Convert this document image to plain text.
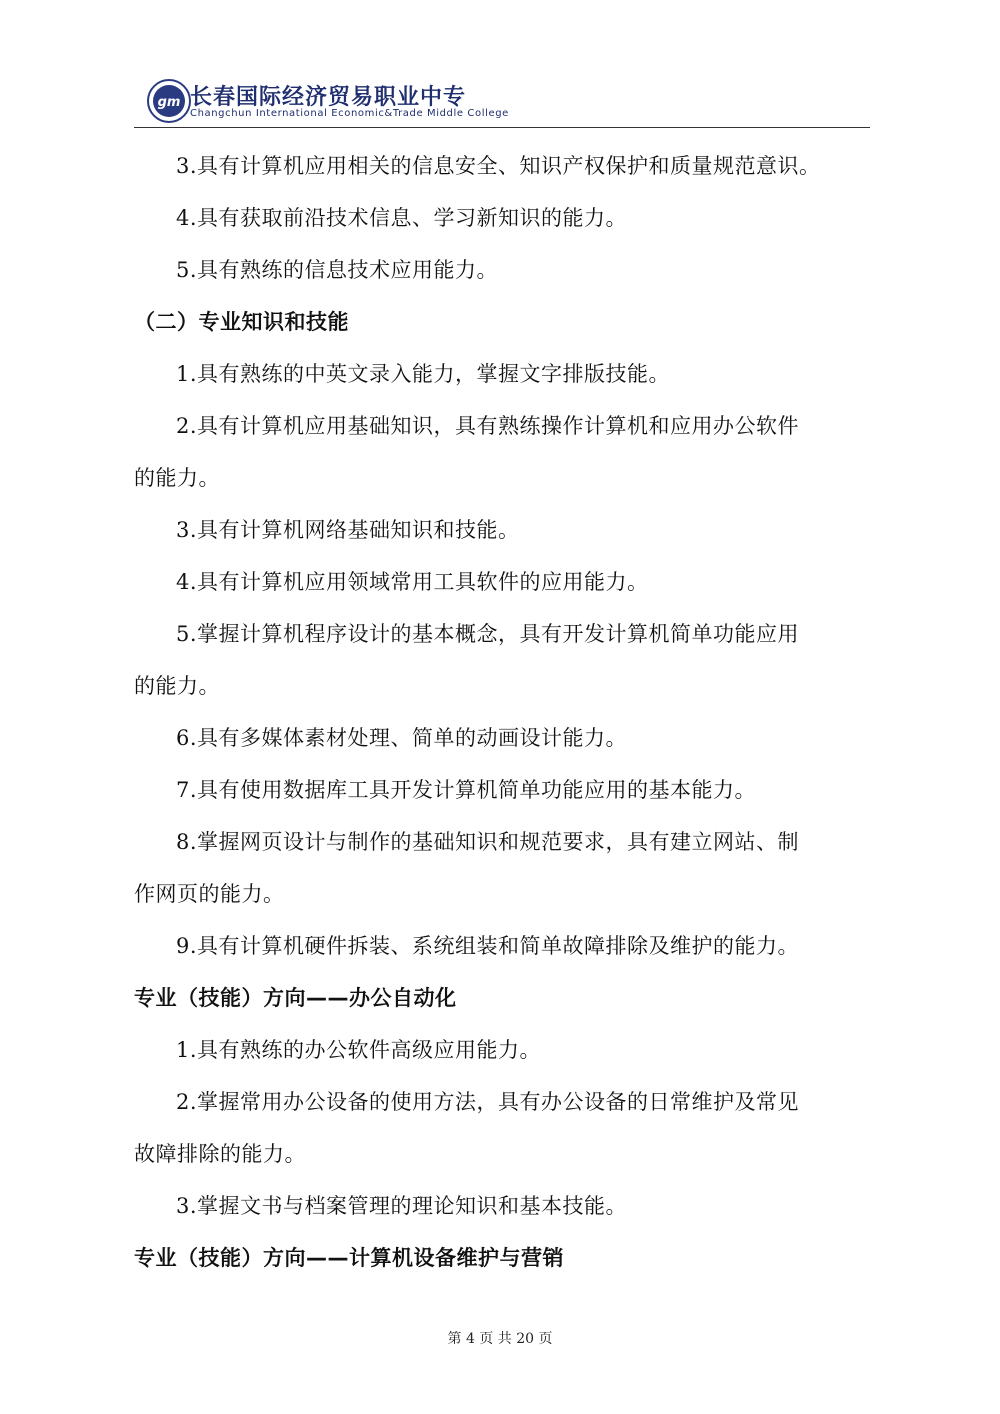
gm 长春国际经济贸易职业中专
Changchun International Economic&Trade Middle College
3.具有计算机应用相关的信息安全、知识产权保护和质量规范意识。
4.具有获取前沿技术信息、学习新知识的能力。
5.具有熟练的信息技术应用能力。
（二）专业知识和技能
1.具有熟练的中英文录入能力，掌握文字排版技能。
2.具有计算机应用基础知识，具有熟练操作计算机和应用办公软件
的能力。
3.具有计算机网络基础知识和技能。
4.具有计算机应用领域常用工具软件的应用能力。
5.掌握计算机程序设计的基本概念，具有开发计算机简单功能应用
的能力。
6.具有多媒体素材处理、简单的动画设计能力。
7.具有使用数据库工具开发计算机简单功能应用的基本能力。
8.掌握网页设计与制作的基础知识和规范要求，具有建立网站、制
作网页的能力。
9.具有计算机硬件拆装、系统组装和简单故障排除及维护的能力。
专业（技能）方向——办公自动化
1.具有熟练的办公软件高级应用能力。
2.掌握常用办公设备的使用方法，具有办公设备的日常维护及常见
故障排除的能力。
3.掌握文书与档案管理的理论知识和基本技能。
专业（技能）方向——计算机设备维护与营销
第 4 页 共 20 页
